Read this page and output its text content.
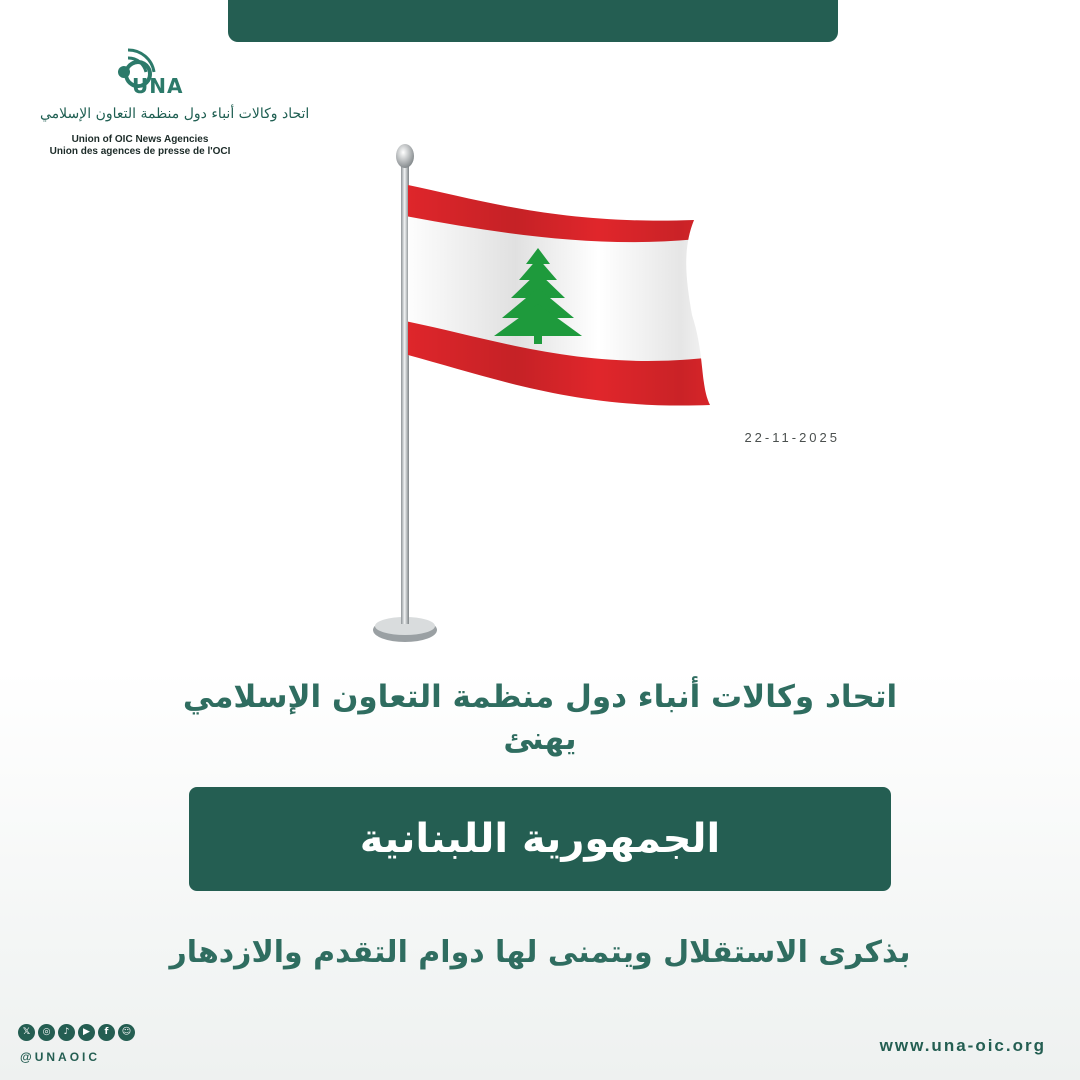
UNA
اتحاد وكالات أنباء دول منظمة التعاون الإسلامي
Union of OIC News Agencies
Union des agences de presse de l'OCI
22-11-2025
اتحاد وكالات أنباء دول منظمة التعاون الإسلامي
يهنئ
الجمهورية اللبنانية
بذكرى الاستقلال ويتمنى لها دوام التقدم والازدهار
𝕏	◎	♪	▶	f	☺
@UNAOIC
www.una-oic.org
